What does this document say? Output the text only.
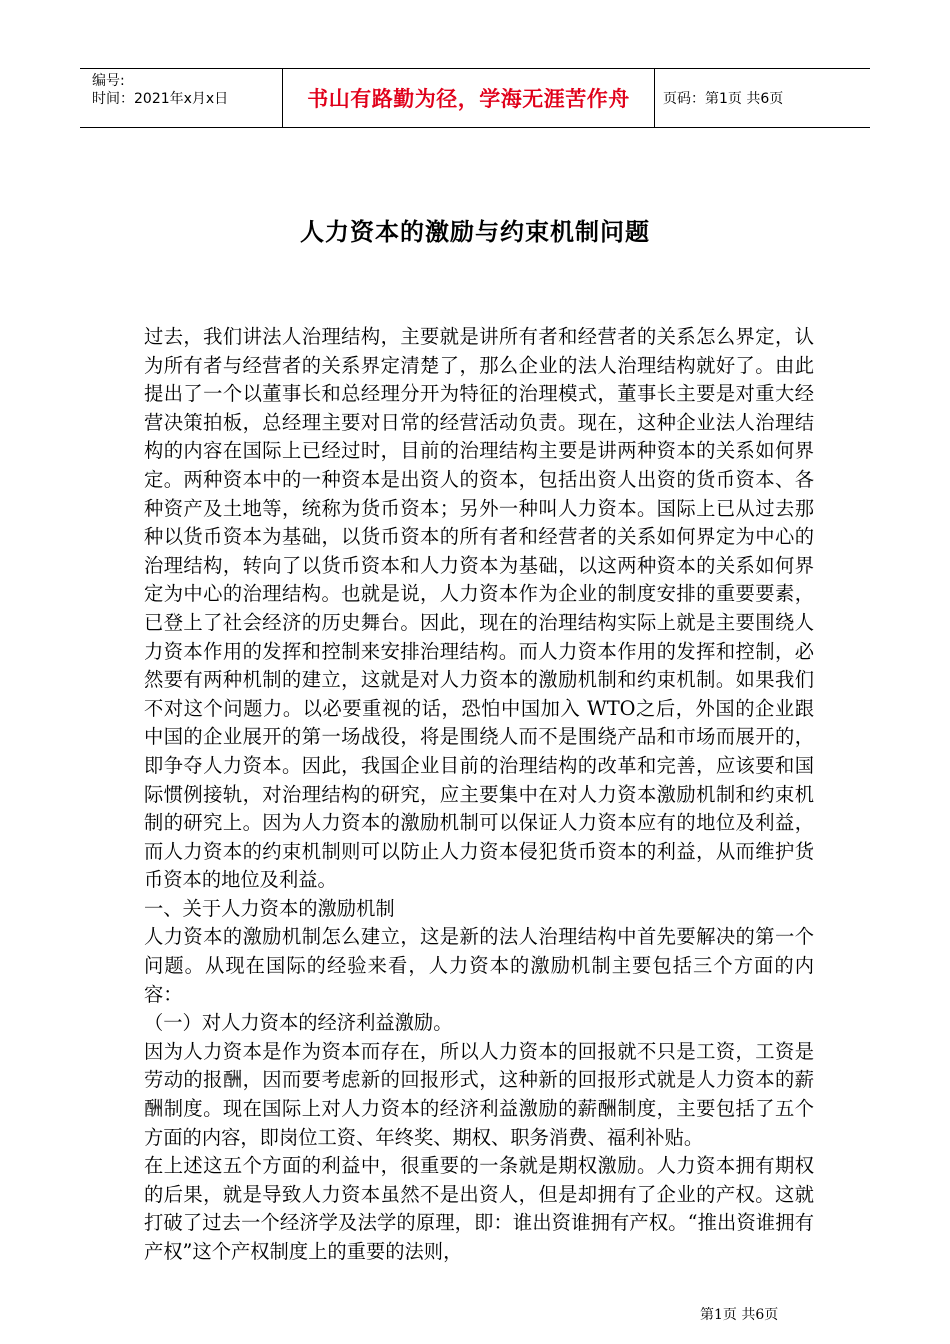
编号:
时间：2021年x月x日	书山有路勤为径，学海无涯苦作舟	页码：第1页 共6页
人力资本的激励与约束机制问题

过去，我们讲法人治理结构，主要就是讲所有者和经营者的关系怎么界定，认为所有者与经营者的关系界定清楚了，那么企业的法人治理结构就好了。由此提出了一个以董事长和总经理分开为特征的治理模式，董事长主要是对重大经营决策拍板，总经理主要对日常的经营活动负责。现在，这种企业法人治理结构的内容在国际上已经过时，目前的治理结构主要是讲两种资本的关系如何界定。两种资本中的一种资本是出资人的资本，包括出资人出资的货币资本、各种资产及土地等，统称为货币资本；另外一种叫人力资本。国际上已从过去那种以货币资本为基础，以货币资本的所有者和经营者的关系如何界定为中心的治理结构，转向了以货币资本和人力资本为基础，以这两种资本的关系如何界定为中心的治理结构。也就是说，人力资本作为企业的制度安排的重要要素，已登上了社会经济的历史舞台。因此，现在的治理结构实际上就是主要围绕人力资本作用的发挥和控制来安排治理结构。而人力资本作用的发挥和控制，必然要有两种机制的建立，这就是对人力资本的激励机制和约束机制。如果我们不对这个问题力。以必要重视的话，恐怕中国加入 WTO之后，外国的企业跟中国的企业展开的第一场战役，将是围绕人而不是围绕产品和市场而展开的，即争夺人力资本。因此，我国企业目前的治理结构的改革和完善，应该要和国际惯例接轨，对治理结构的研究，应主要集中在对人力资本激励机制和约束机制的研究上。因为人力资本的激励机制可以保证人力资本应有的地位及利益，而人力资本的约束机制则可以防止人力资本侵犯货币资本的利益，从而维护货币资本的地位及利益。

一、关于人力资本的激励机制

人力资本的激励机制怎么建立，这是新的法人治理结构中首先要解决的第一个问题。从现在国际的经验来看，人力资本的激励机制主要包括三个方面的内容：

（一）对人力资本的经济利益激励。

因为人力资本是作为资本而存在，所以人力资本的回报就不只是工资，工资是劳动的报酬，因而要考虑新的回报形式，这种新的回报形式就是人力资本的薪酬制度。现在国际上对人力资本的经济利益激励的薪酬制度，主要包括了五个方面的内容，即岗位工资、年终奖、期权、职务消费、福利补贴。

在上述这五个方面的利益中，很重要的一条就是期权激励。人力资本拥有期权的后果，就是导致人力资本虽然不是出资人，但是却拥有了企业的产权。这就打破了过去一个经济学及法学的原理，即：谁出资谁拥有产权。“推出资谁拥有产权”这个产权制度上的重要的法则，

第1页 共6页
